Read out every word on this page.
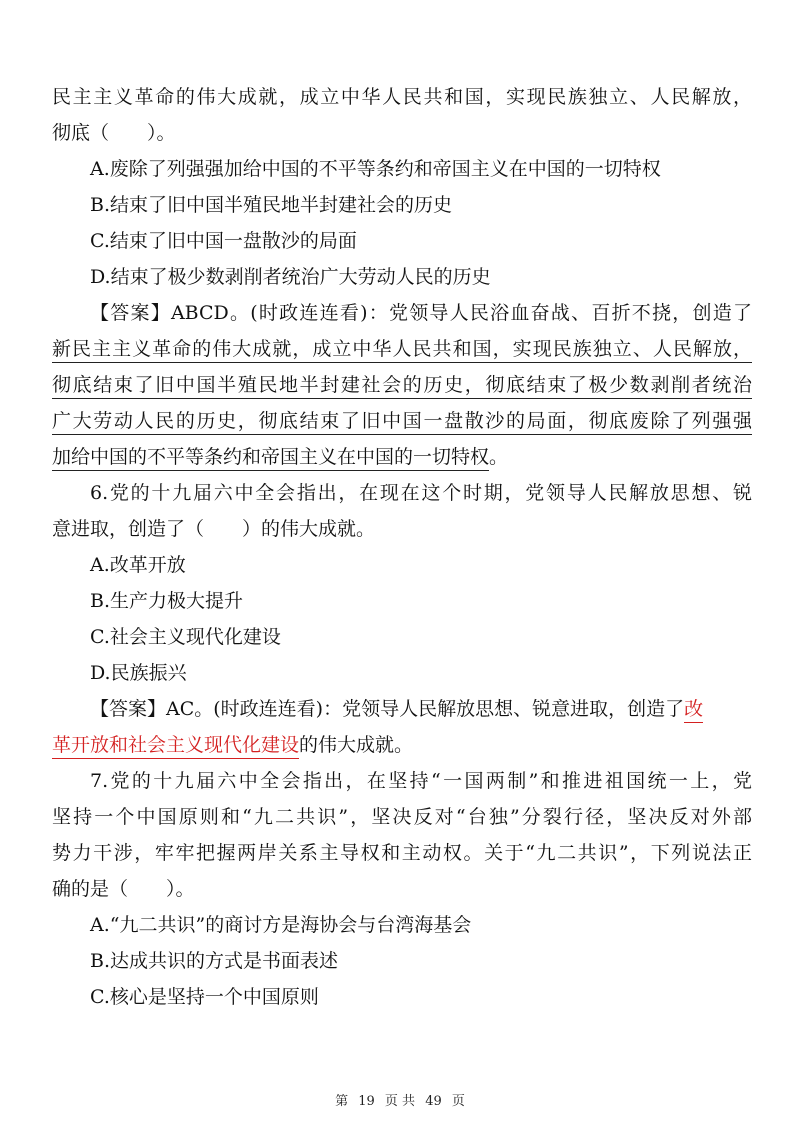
民主主义革命的伟大成就，成立中华人民共和国，实现民族独立、人民解放，
彻底（　　）。
A.废除了列强强加给中国的不平等条约和帝国主义在中国的一切特权
B.结束了旧中国半殖民地半封建社会的历史
C.结束了旧中国一盘散沙的局面
D.结束了极少数剥削者统治广大劳动人民的历史
【答案】ABCD。(时政连连看)：党领导人民浴血奋战、百折不挠，创造了
新民主主义革命的伟大成就，成立中华人民共和国，实现民族独立、人民解放，
彻底结束了旧中国半殖民地半封建社会的历史，彻底结束了极少数剥削者统治
广大劳动人民的历史，彻底结束了旧中国一盘散沙的局面，彻底废除了列强强
加给中国的不平等条约和帝国主义在中国的一切特权。
6.党的十九届六中全会指出，在现在这个时期，党领导人民解放思想、锐
意进取，创造了（　　）的伟大成就。
A.改革开放
B.生产力极大提升
C.社会主义现代化建设
D.民族振兴
【答案】AC。(时政连连看)：党领导人民解放思想、锐意进取，创造了改
革开放和社会主义现代化建设的伟大成就。
7.党的十九届六中全会指出，在坚持“一国两制”和推进祖国统一上，党
坚持一个中国原则和“九二共识”，坚决反对“台独”分裂行径，坚决反对外部
势力干涉，牢牢把握两岸关系主导权和主动权。关于“九二共识”，下列说法正
确的是（　　）。
A.“九二共识”的商讨方是海协会与台湾海基会
B.达成共识的方式是书面表述
C.核心是坚持一个中国原则
第 19 页 共 49 页
